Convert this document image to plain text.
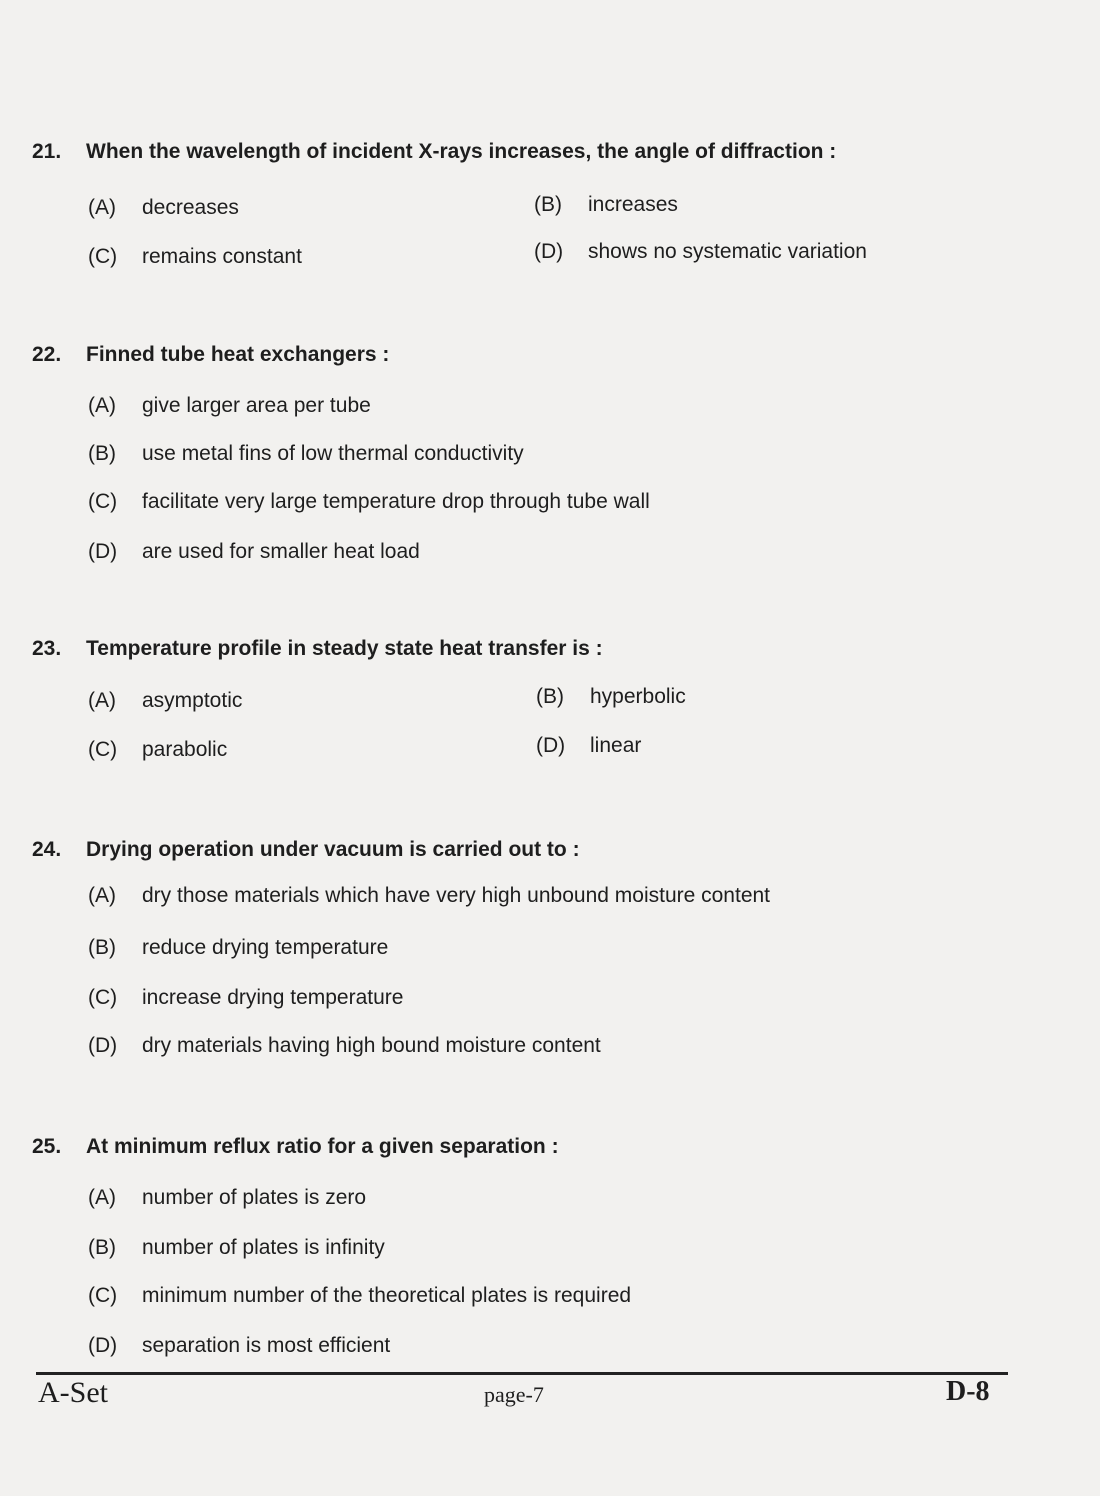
21. When the wavelength of incident X-rays increases, the angle of diffraction :
(A) decreases	(B) increases
(C) remains constant	(D) shows no systematic variation
22. Finned tube heat exchangers :
(A) give larger area per tube
(B) use metal fins of low thermal conductivity
(C) facilitate very large temperature drop through tube wall
(D) are used for smaller heat load
23. Temperature profile in steady state heat transfer is :
(A) asymptotic	(B) hyperbolic
(C) parabolic	(D) linear
24. Drying operation under vacuum is carried out to :
(A) dry those materials which have very high unbound moisture content
(B) reduce drying temperature
(C) increase drying temperature
(D) dry materials having high bound moisture content
25. At minimum reflux ratio for a given separation :
(A) number of plates is zero
(B) number of plates is infinity
(C) minimum number of the theoretical plates is required
(D) separation is most efficient
A-Set	page-7	D-8
